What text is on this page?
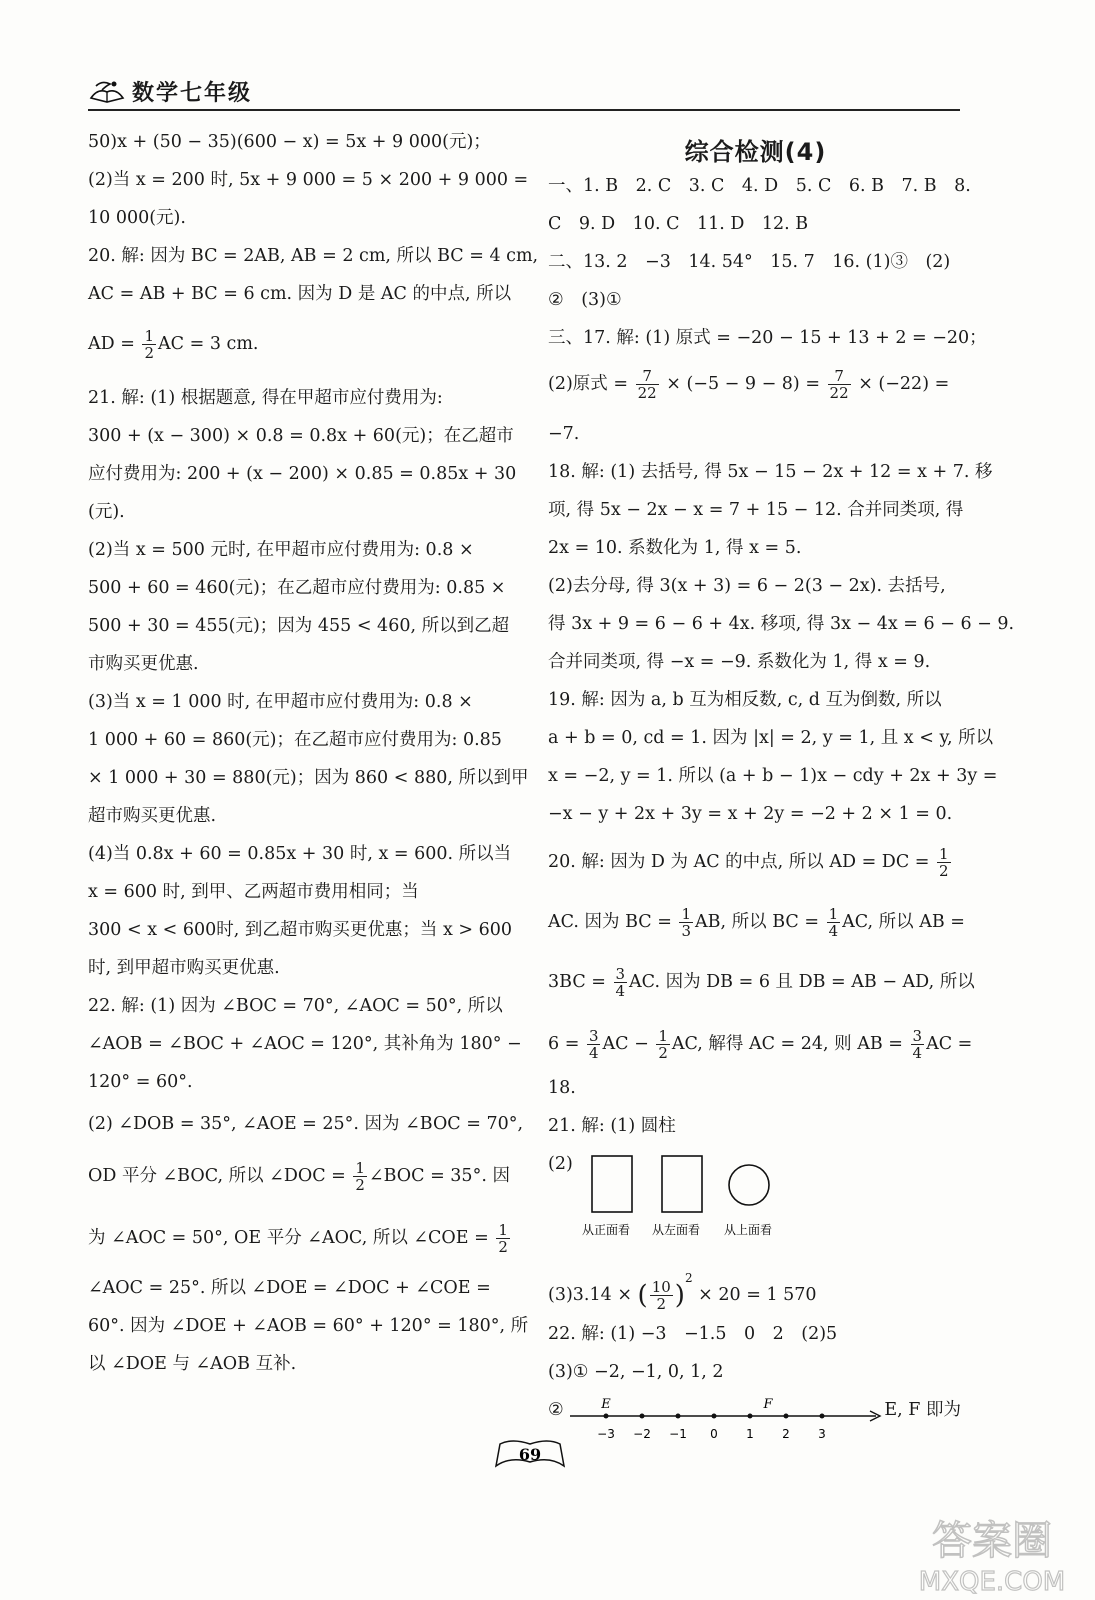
数学七年级
50)x + (50 − 35)(600 − x) = 5x + 9 000(元)；
(2)当 x = 200 时, 5x + 9 000 = 5 × 200 + 9 000 =
10 000(元).
20. 解: 因为 BC = 2AB, AB = 2 cm, 所以 BC = 4 cm,
AC = AB + BC = 6 cm. 因为 D 是 AC 的中点, 所以
AD = $\frac{1}{2}$ AC = 3 cm.
21. 解: (1) 根据题意, 得在甲超市应付费用为:
300 + (x − 300) × 0.8 = 0.8x + 60(元)；在乙超市
应付费用为: 200 + (x − 200) × 0.85 = 0.85x + 30
(元).
(2)当 x = 500 元时, 在甲超市应付费用为: 0.8 ×
500 + 60 = 460(元)；在乙超市应付费用为: 0.85 ×
500 + 30 = 455(元)；因为 455 < 460, 所以到乙超
市购买更优惠.
(3)当 x = 1 000 时, 在甲超市应付费用为: 0.8 ×
1 000 + 60 = 860(元)；在乙超市应付费用为: 0.85
× 1 000 + 30 = 880(元)；因为 860 < 880, 所以到甲
超市购买更优惠.
(4)当 0.8x + 60 = 0.85x + 30 时, x = 600. 所以当
x = 600 时, 到甲、乙两超市费用相同；当
300 < x < 600时, 到乙超市购买更优惠；当 x > 600
时, 到甲超市购买更优惠.
22. 解: (1) 因为 ∠BOC = 70°, ∠AOC = 50°, 所以
∠AOB = ∠BOC + ∠AOC = 120°, 其补角为 180° −
120° = 60°.
(2) ∠DOB = 35°, ∠AOE = 25°. 因为 ∠BOC = 70°,
OD 平分 ∠BOC, 所以 ∠DOC = $\frac{1}{2}$ ∠BOC = 35°. 因
为 ∠AOC = 50°, OE 平分 ∠AOC, 所以 ∠COE = $\frac{1}{2}$
∠AOC = 25°. 所以 ∠DOE = ∠DOC + ∠COE =
60°. 因为 ∠DOE + ∠AOB = 60° + 120° = 180°, 所
以 ∠DOE 与 ∠AOB 互补.
综合检测(4)
一、1. B　2. C　3. C　4. D　5. C　6. B　7. B　8.
C　9. D　10. C　11. D　12. B
二、13. 2　−3　14. 54°　15. 7　16. (1)③　(2)
②　(3)①
三、17. 解: (1) 原式 = −20 − 15 + 13 + 2 = −20；
(2)原式 = $\frac{7}{22} \times (-5 - 9 - 8) = \frac{7}{22} \times (-22)$ =
−7.
18. 解: (1) 去括号, 得 5x − 15 − 2x + 12 = x + 7. 移
项, 得 5x − 2x − x = 7 + 15 − 12. 合并同类项, 得
2x = 10. 系数化为 1, 得 x = 5.
(2)去分母, 得 3(x + 3) = 6 − 2(3 − 2x). 去括号,
得 3x + 9 = 6 − 6 + 4x. 移项, 得 3x − 4x = 6 − 6 − 9.
合并同类项, 得 −x = −9. 系数化为 1, 得 x = 9.
19. 解: 因为 a, b 互为相反数, c, d 互为倒数, 所以
a + b = 0, cd = 1. 因为 |x| = 2, y = 1, 且 x < y, 所以
x = −2, y = 1. 所以 (a + b − 1)x − cdy + 2x + 3y =
−x − y + 2x + 3y = x + 2y = −2 + 2 × 1 = 0.
20. 解: 因为 D 为 AC 的中点, 所以 AD = DC = $\frac{1}{2}$
AC. 因为 BC = $\frac{1}{3}$ AB, 所以 BC = $\frac{1}{4}$ AC, 所以 AB =
$3BC = \frac{3}{4}$ AC. 因为 DB = 6 且 DB = AB − AD, 所以
$6 = \frac{3}{4}$ AC − $\frac{1}{2}$ AC, 解得 AC = 24, 则 AB = $\frac{3}{4}$ AC =
18.
21. 解: (1) 圆柱
(2)
从正面看 从左面看 从上面看
(3)3.14 × ( $\frac{10}{2} )^2 \times 20 = 1$ 570
22. 解: (1) −3　−1.5　0　2　(2)5
(3)① −2, −1, 0, 1, 2
②
−3 −2 −1 0 1 2 3
E	F	E, F 即为
69
答案圈
MXQE.COM
